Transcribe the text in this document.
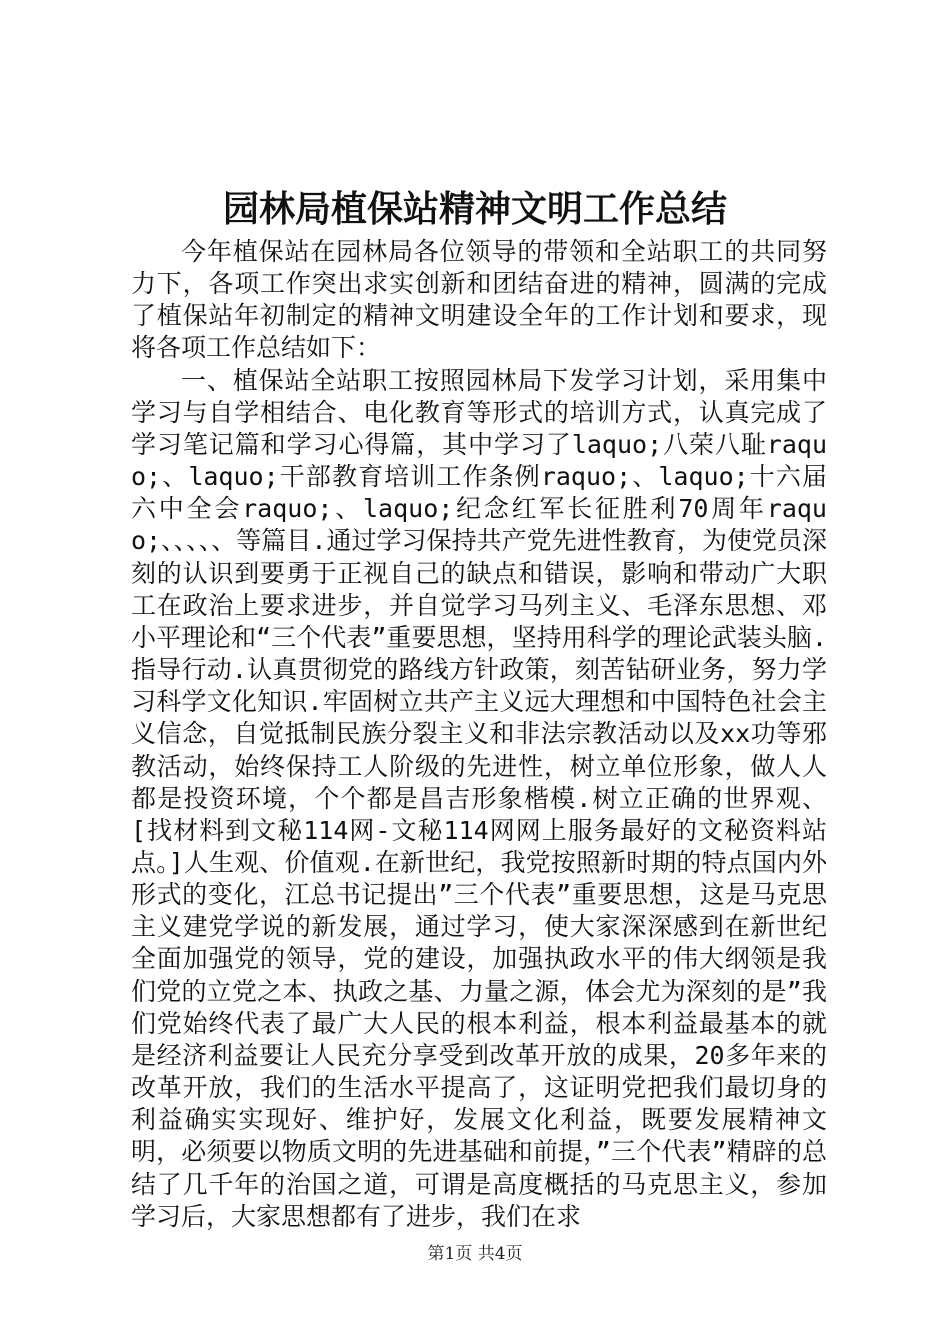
园林局植保站精神文明工作总结

今年植保站在园林局各位领导的带领和全站职工的共同努力下，各项工作突出求实创新和团结奋进的精神，圆满的完成了植保站年初制定的精神文明建设全年的工作计划和要求，现将各项工作总结如下：

一、植保站全站职工按照园林局下发学习计划，采用集中学习与自学相结合、电化教育等形式的培训方式，认真完成了学习笔记篇和学习心得篇，其中学习了laquo;八荣八耻raquo;、laquo;干部教育培训工作条例raquo;、laquo;十六届六中全会raquo;、laquo;纪念红军长征胜利70周年raquo;、、、、、等篇目.通过学习保持共产党先进性教育，为使党员深刻的认识到要勇于正视自己的缺点和错误，影响和带动广大职工在政治上要求进步，并自觉学习马列主义、毛泽东思想、邓小平理论和“三个代表”重要思想，坚持用科学的理论武装头脑.指导行动.认真贯彻党的路线方针政策，刻苦钻研业务，努力学习科学文化知识.牢固树立共产主义远大理想和中国特色社会主义信念，自觉抵制民族分裂主义和非法宗教活动以及xx功等邪教活动，始终保持工人阶级的先进性，树立单位形象，做人人都是投资环境，个个都是昌吉形象楷模.树立正确的世界观、[找材料到文秘114网-文秘114网网上服务最好的文秘资料站点。]人生观、价值观.在新世纪，我党按照新时期的特点国内外形式的变化，江总书记提出”三个代表”重要思想，这是马克思主义建党学说的新发展，通过学习，使大家深深感到在新世纪全面加强党的领导，党的建设，加强执政水平的伟大纲领是我们党的立党之本、执政之基、力量之源，体会尤为深刻的是”我们党始终代表了最广大人民的根本利益，根本利益最基本的就是经济利益要让人民充分享受到改革开放的成果，20多年来的改革开放，我们的生活水平提高了，这证明党把我们最切身的利益确实实现好、维护好，发展文化利益，既要发展精神文明，必须要以物质文明的先进基础和前提，”三个代表”精辟的总结了几千年的治国之道，可谓是高度概括的马克思主义，参加学习后，大家思想都有了进步，我们在求

第1页 共4页
